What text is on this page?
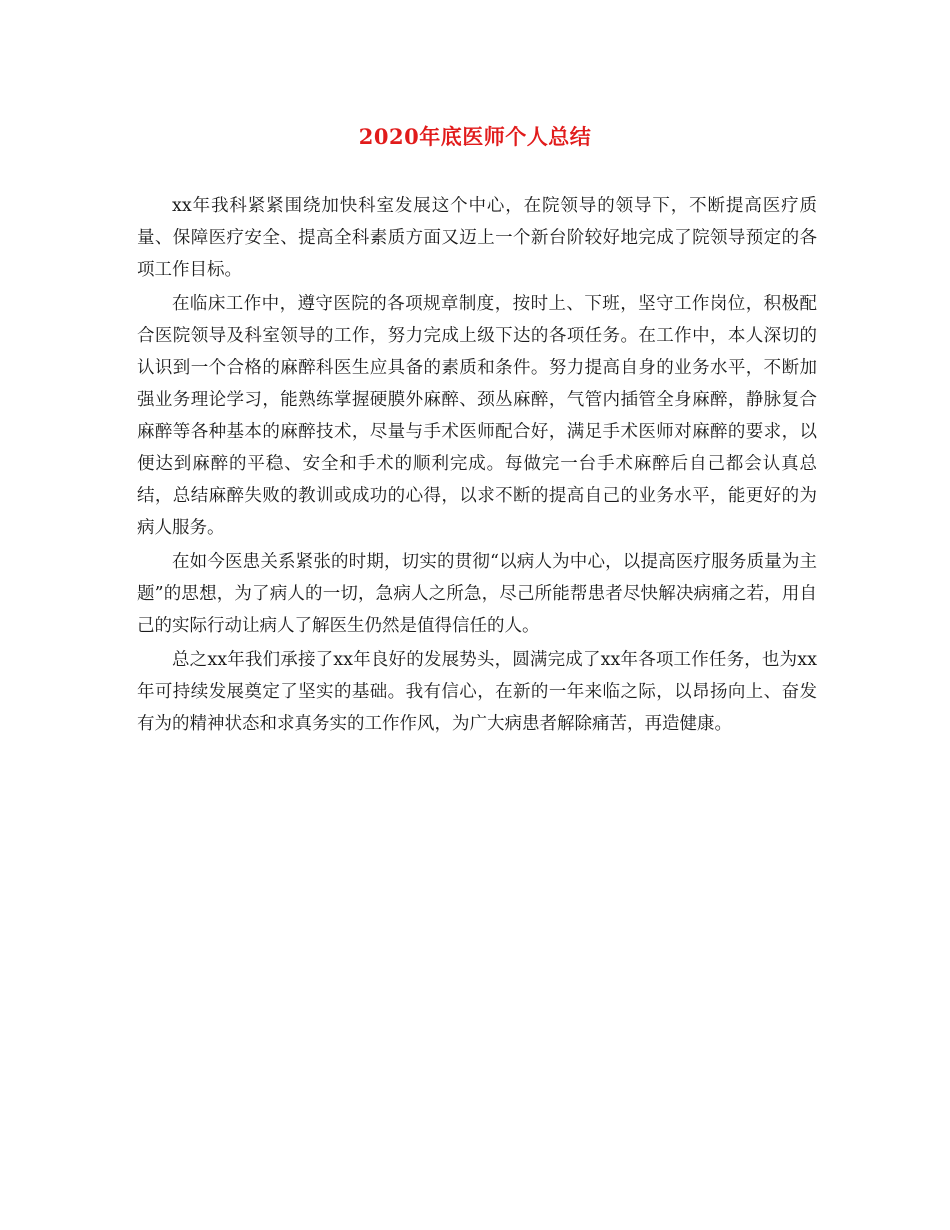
2020年底医师个人总结

xx年我科紧紧围绕加快科室发展这个中心，在院领导的领导下，不断提高医疗质量、保障医疗安全、提高全科素质方面又迈上一个新台阶较好地完成了院领导预定的各项工作目标。

在临床工作中，遵守医院的各项规章制度，按时上、下班，坚守工作岗位，积极配合医院领导及科室领导的工作，努力完成上级下达的各项任务。在工作中，本人深切的认识到一个合格的麻醉科医生应具备的素质和条件。努力提高自身的业务水平，不断加强业务理论学习，能熟练掌握硬膜外麻醉、颈丛麻醉，气管内插管全身麻醉，静脉复合麻醉等各种基本的麻醉技术，尽量与手术医师配合好，满足手术医师对麻醉的要求，以便达到麻醉的平稳、安全和手术的顺利完成。每做完一台手术麻醉后自己都会认真总结，总结麻醉失败的教训或成功的心得，以求不断的提高自己的业务水平，能更好的为病人服务。

在如今医患关系紧张的时期，切实的贯彻“以病人为中心，以提高医疗服务质量为主题”的思想，为了病人的一切，急病人之所急，尽己所能帮患者尽快解决病痛之若，用自己的实际行动让病人了解医生仍然是值得信任的人。

总之xx年我们承接了xx年良好的发展势头，圆满完成了xx年各项工作任务，也为xx年可持续发展奠定了坚实的基础。我有信心，在新的一年来临之际，以昂扬向上、奋发有为的精神状态和求真务实的工作作风，为广大病患者解除痛苦，再造健康。
